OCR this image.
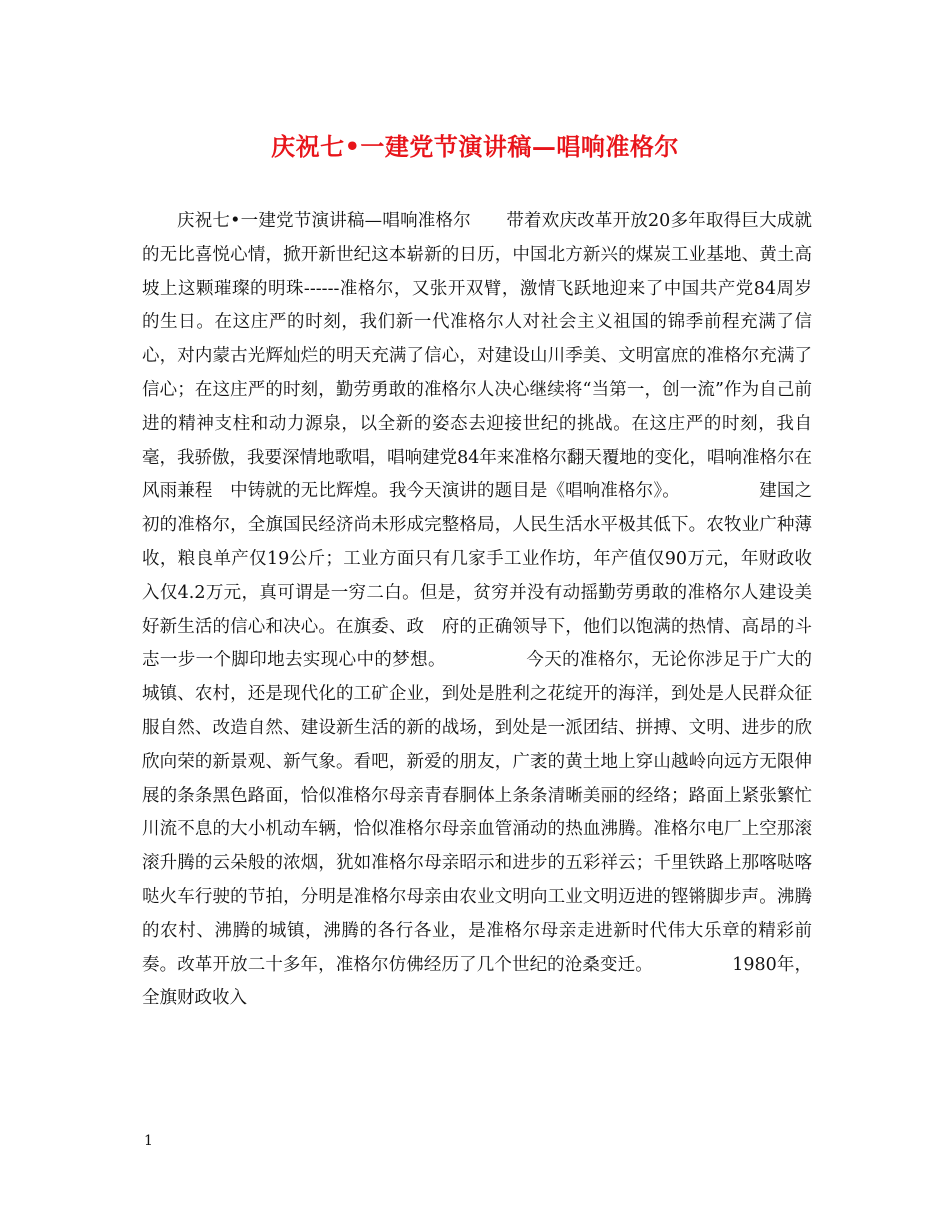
庆祝七•一建党节演讲稿—唱响准格尔

庆祝七•一建党节演讲稿—唱响准格尔　　带着欢庆改革开放20多年取得巨大成就的无比喜悦心情，掀开新世纪这本崭新的日历，中国北方新兴的煤炭工业基地、黄土高坡上这颗璀璨的明珠------准格尔，又张开双臂，激情飞跃地迎来了中国共产党84周岁的生日。在这庄严的时刻，我们新一代准格尔人对社会主义祖国的锦季前程充满了信心，对内蒙古光辉灿烂的明天充满了信心，对建设山川季美、文明富庶的准格尔充满了信心；在这庄严的时刻，勤劳勇敢的准格尔人决心继续将“当第一，创一流”作为自己前进的精神支柱和动力源泉，以全新的姿态去迎接世纪的挑战。在这庄严的时刻，我自毫，我骄傲，我要深情地歌唱，唱响建党84年来准格尔翻天覆地的变化，唱响准格尔在风雨兼程　中铸就的无比辉煌。我今天演讲的题目是《唱响准格尔》。　　　　　建国之初的准格尔，全旗国民经济尚未形成完整格局，人民生活水平极其低下。农牧业广种薄收，粮良单产仅19公斤；工业方面只有几家手工业作坊，年产值仅90万元，年财政收入仅4.2万元，真可谓是一穷二白。但是，贫穷并没有动摇勤劳勇敢的准格尔人建设美好新生活的信心和决心。在旗委、政　府的正确领导下，他们以饱满的热情、高昂的斗志一步一个脚印地去实现心中的梦想。　　　　　今天的准格尔，无论你涉足于广大的城镇、农村，还是现代化的工矿企业，到处是胜利之花绽开的海洋，到处是人民群众征服自然、改造自然、建设新生活的新的战场，到处是一派团结、拼搏、文明、进步的欣欣向荣的新景观、新气象。看吧，新爱的朋友，广袤的黄土地上穿山越岭向远方无限伸展的条条黑色路面，恰似准格尔母亲青春胴体上条条清晰美丽的经络；路面上紧张繁忙川流不息的大小机动车辆，恰似准格尔母亲血管涌动的热血沸腾。准格尔电厂上空那滚滚升腾的云朵般的浓烟，犹如准格尔母亲昭示和进步的五彩祥云；千里铁路上那喀哒喀哒火车行驶的节拍，分明是准格尔母亲由农业文明向工业文明迈进的铿锵脚步声。沸腾的农村、沸腾的城镇，沸腾的各行各业，是准格尔母亲走进新时代伟大乐章的精彩前奏。改革开放二十多年，准格尔仿佛经历了几个世纪的沧桑变迁。　　　　　1980年，全旗财政收入

1
